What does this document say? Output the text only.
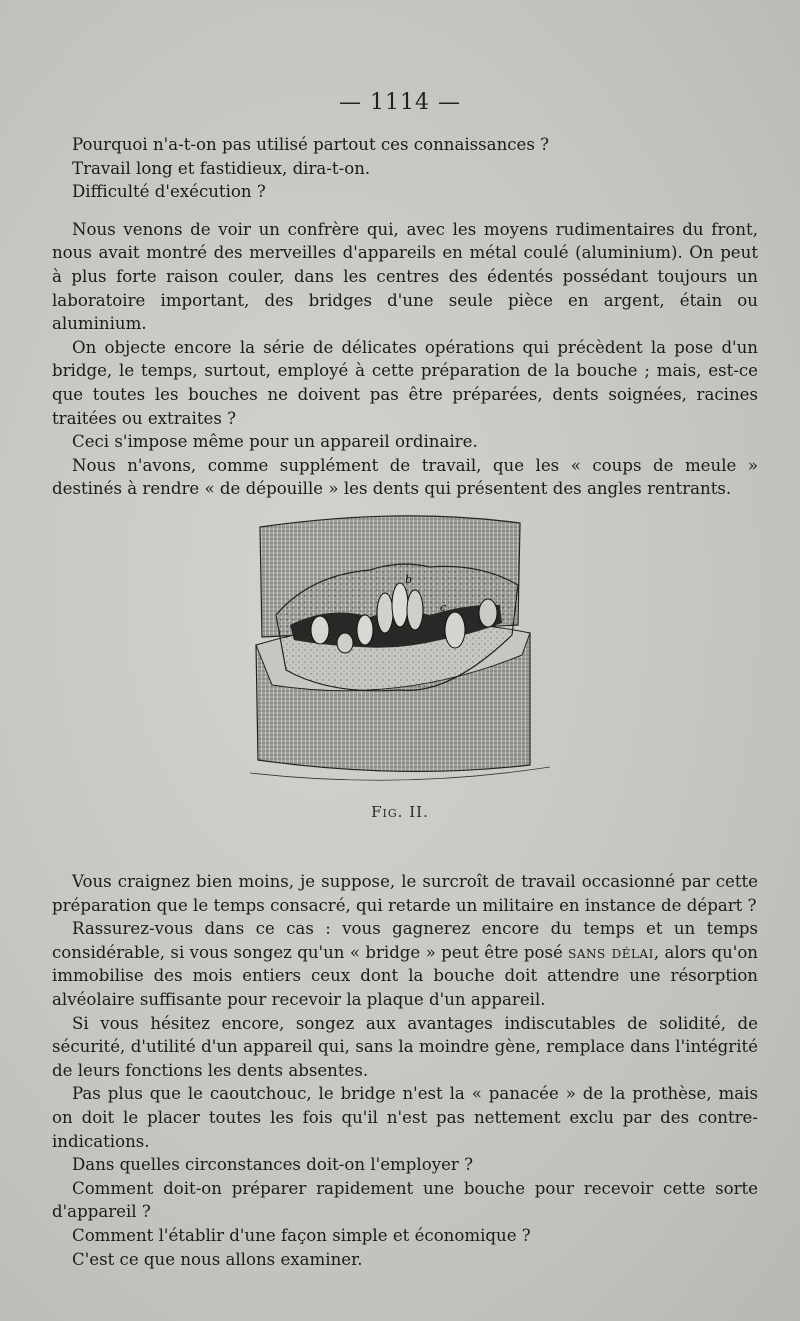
— 1114 —

Pourquoi n'a-t-on pas utilisé partout ces connaissances ?

Travail long et fastidieux, dira-t-on.

Difficulté d'exécution ?

Nous venons de voir un confrère qui, avec les moyens rudimentaires du front, nous avait montré des merveilles d'appareils en métal coulé (aluminium). On peut à plus forte raison couler, dans les centres des édentés possédant toujours un laboratoire important, des bridges d'une seule pièce en argent, étain ou aluminium.

On objecte encore la série de délicates opérations qui précèdent la pose d'un bridge, le temps, surtout, employé à cette préparation de la bouche ; mais, est-ce que toutes les bouches ne doivent pas être préparées, dents soignées, racines traitées ou extraites ?

Ceci s'impose même pour un appareil ordinaire.

Nous n'avons, comme supplément de travail, que les « coups de meule » destinés à rendre « de dépouille » les dents qui présentent des angles rentrants.

b
c
Fig. II.

Vous craignez bien moins, je suppose, le surcroît de travail occasionné par cette préparation que le temps consacré, qui retarde un militaire en instance de départ ?

Rassurez-vous dans ce cas : vous gagnerez encore du temps et un temps considérable, si vous songez qu'un « bridge » peut être posé sans délai, alors qu'on immobilise des mois entiers ceux dont la bouche doit attendre une résorption alvéolaire suffisante pour recevoir la plaque d'un appareil.

Si vous hésitez encore, songez aux avantages indiscutables de solidité, de sécurité, d'utilité d'un appareil qui, sans la moindre gène, remplace dans l'intégrité de leurs fonctions les dents absentes.

Pas plus que le caoutchouc, le bridge n'est la « panacée » de la prothèse, mais on doit le placer toutes les fois qu'il n'est pas nettement exclu par des contre-indications.

Dans quelles circonstances doit-on l'employer ?

Comment doit-on préparer rapidement une bouche pour recevoir cette sorte d'appareil ?

Comment l'établir d'une façon simple et économique ?

C'est ce que nous allons examiner.
